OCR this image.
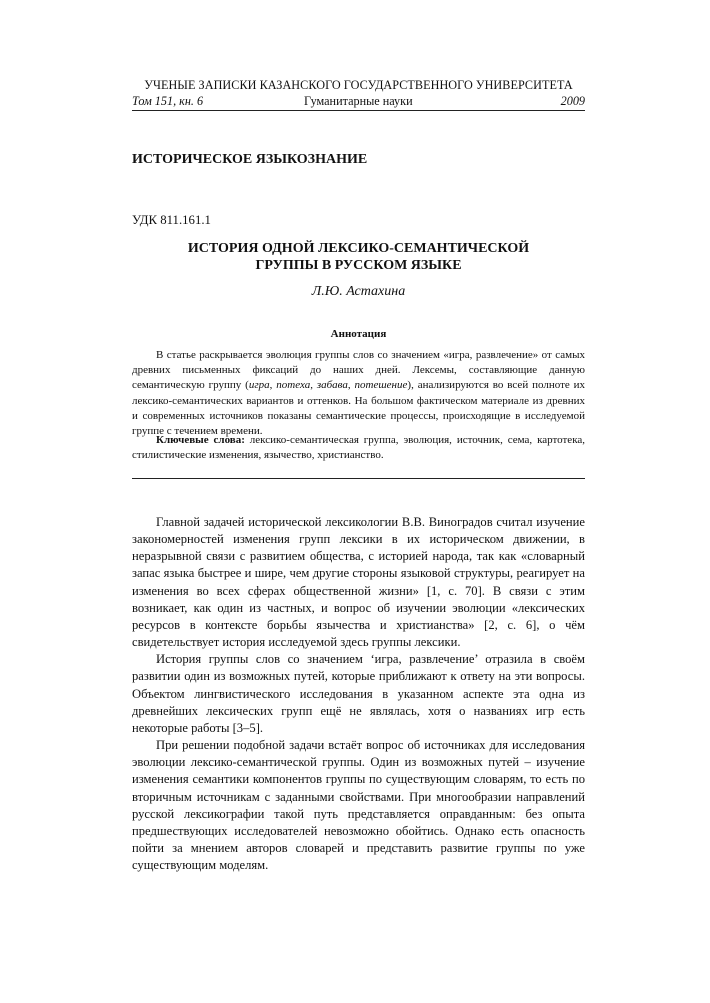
УЧЕНЫЕ ЗАПИСКИ КАЗАНСКОГО ГОСУДАРСТВЕННОГО УНИВЕРСИТЕТА
Том 151, кн. 6	Гуманитарные науки	2009
ИСТОРИЧЕСКОЕ ЯЗЫКОЗНАНИЕ
УДК 811.161.1
ИСТОРИЯ ОДНОЙ ЛЕКСИКО-СЕМАНТИЧЕСКОЙ
ГРУППЫ В РУССКОМ ЯЗЫКЕ
Л.Ю. Астахина
Аннотация

В статье раскрывается эволюция группы слов со значением «игра, развлечение» от самых древних письменных фиксаций до наших дней. Лексемы, составляющие данную семантическую группу (игра, потеха, забава, потешение), анализируются во всей полноте их лексико-семантических вариантов и оттенков. На большом фактическом материале из древних и современных источников показаны семантические процессы, происходящие в исследуемой группе с течением времени.

Ключевые слова: лексико-семантическая группа, эволюция, источник, сема, картотека, стилистические изменения, язычество, христианство.

Главной задачей исторической лексикологии В.В. Виноградов считал изучение закономерностей изменения групп лексики в их историческом движении, в неразрывной связи с развитием общества, с историей народа, так как «словарный запас языка быстрее и шире, чем другие стороны языковой структуры, реагирует на изменения во всех сферах общественной жизни» [1, с. 70]. В связи с этим возникает, как один из частных, и вопрос об изучении эволюции «лексических ресурсов в контексте борьбы язычества и христианства» [2, с. 6], о чём свидетельствует история исследуемой здесь группы лексики.

История группы слов со значением ‘игра, развлечение’ отразила в своём развитии один из возможных путей, которые приближают к ответу на эти вопросы. Объектом лингвистического исследования в указанном аспекте эта одна из древнейших лексических групп ещё не являлась, хотя о названиях игр есть некоторые работы [3–5].

При решении подобной задачи встаёт вопрос об источниках для исследования эволюции лексико-семантической группы. Один из возможных путей – изучение изменения семантики компонентов группы по существующим словарям, то есть по вторичным источникам с заданными свойствами. При многообразии направлений русской лексикографии такой путь представляется оправданным: без опыта предшествующих исследователей невозможно обойтись. Однако есть опасность пойти за мнением авторов словарей и представить развитие группы по уже существующим моделям.
